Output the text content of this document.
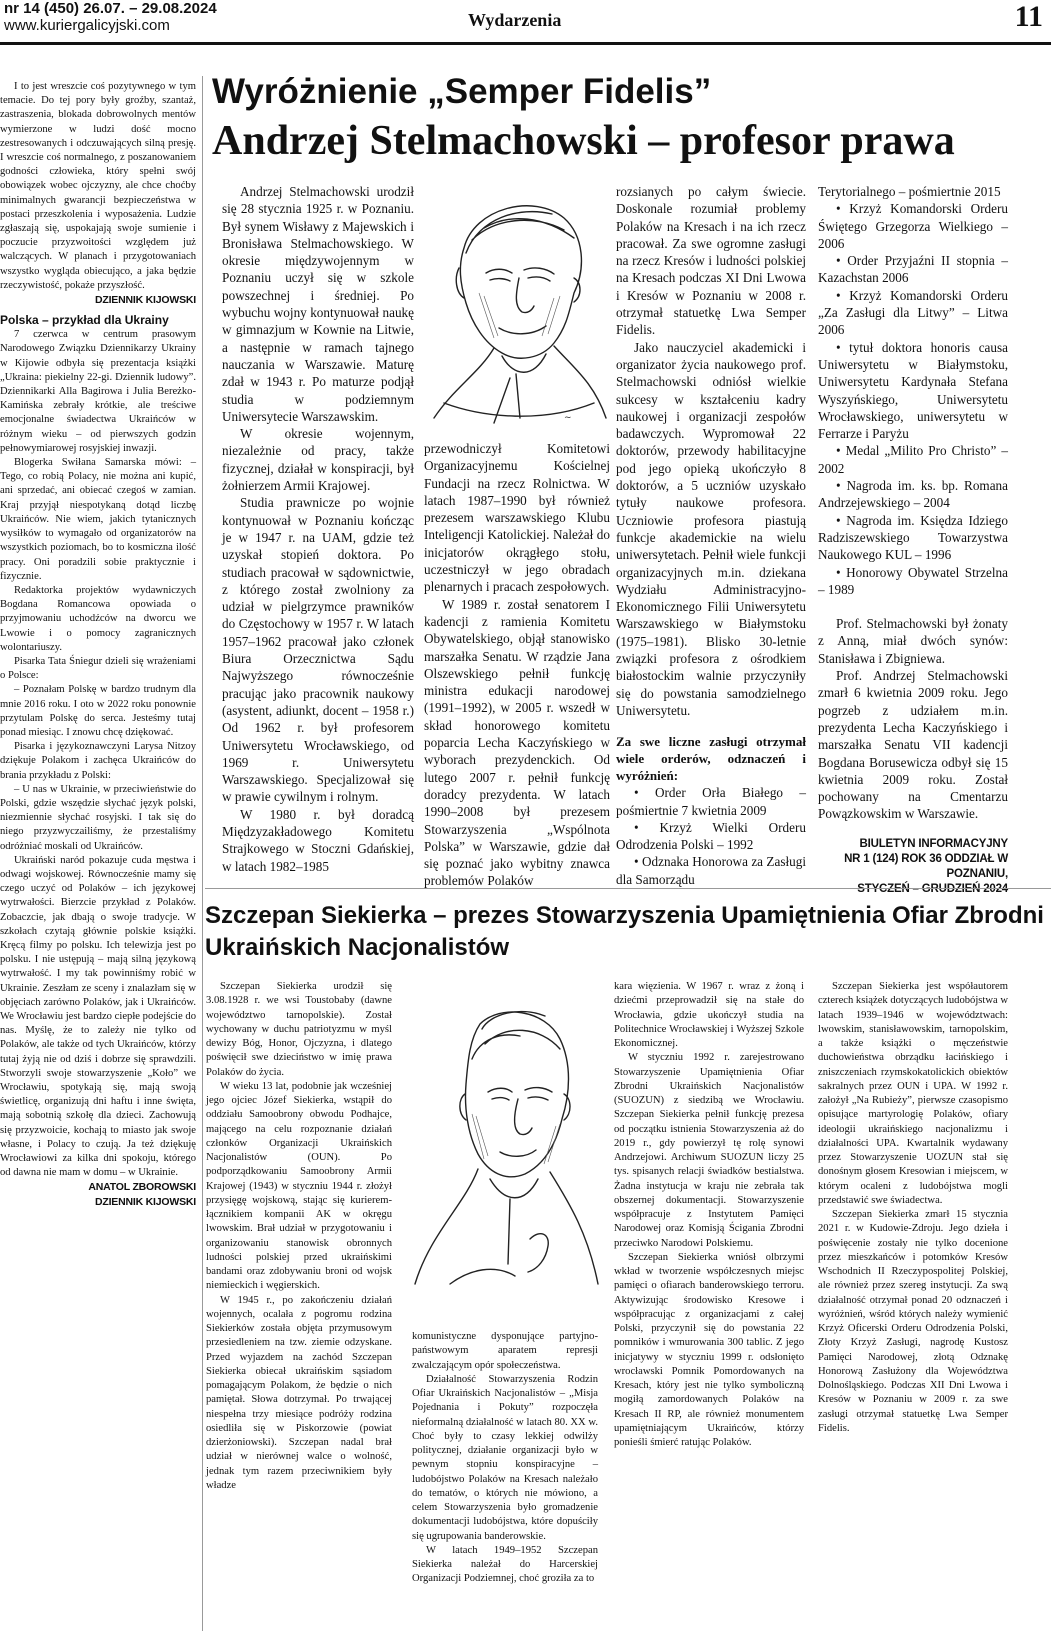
nr 14 (450) 26.07. – 29.08.2024
www.kuriergalicyjski.com	Wydarzenia	11

I to jest wreszcie coś pozytywnego w tym temacie. Do tej pory były groźby, szantaż, zastraszenia, blokada dobrowolnych mentów wymierzone w ludzi dość mocno zestresowanych i odczuwających silną presję. I wreszcie coś normalnego, z poszanowaniem godności człowieka, który spełni swój obowiązek wobec ojczyzny, ale chce choćby minimalnych gwarancji bezpieczeństwa w postaci przeszkolenia i wyposażenia. Ludzie zgłaszają się, uspokajają swoje sumienie i poczucie przyzwoitości względem już walczących. W planach i przygotowaniach wszystko wygląda obiecująco, a jaka będzie rzeczywistość, pokaże przyszłość.

DZIENNIK KIJOWSKI

Polska – przykład dla Ukrainy

7 czerwca w centrum prasowym Narodowego Związku Dziennikarzy Ukrainy w Kijowie odbyła się prezentacja książki „Ukraina: piekielny 22-gi. Dziennik ludowy”. Dziennikarki Alla Bagirowa i Julia Bereżko-Kamińska zebrały krótkie, ale treściwe emocjonalne świadectwa Ukraińców w różnym wieku – od pierwszych godzin pełnowymiarowej rosyjskiej inwazji.

Blogerka Swiłana Samarska mówi: – Tego, co robią Polacy, nie można ani kupić, ani sprzedać, ani obiecać czegoś w zamian. Kraj przyjął niespotykaną dotąd liczbę Ukraińców. Nie wiem, jakich tytanicznych wysiłków to wymagało od organizatorów na wszystkich poziomach, bo to kosmiczna ilość pracy. Oni poradzili sobie praktycznie i fizycznie.

Redaktorka projektów wydawniczych Bogdana Romancowa opowiada o przyjmowaniu uchodźców na dworcu we Lwowie i o pomocy zagranicznych wolontariuszy.

Pisarka Tata Śniegur dzieli się wrażeniami o Polsce:

– Poznałam Polskę w bardzo trudnym dla mnie 2016 roku. I oto w 2022 roku ponownie przytulam Polskę do serca. Jesteśmy tutaj ponad miesiąc. I znowu chcę dziękować.

Pisarka i językoznawczyni Larysa Nitzoy dziękuje Polakom i zachęca Ukraińców do brania przykładu z Polski:

– U nas w Ukrainie, w przeciwieństwie do Polski, gdzie wszędzie słychać język polski, niezmiennie słychać rosyjski. I tak się do niego przyzwyczailiśmy, że przestaliśmy odróżniać moskali od Ukraińców.

Ukraiński naród pokazuje cuda męstwa i odwagi wojskowej. Równocześnie mamy się czego uczyć od Polaków – ich językowej wytrwałości. Bierzcie przykład z Polaków. Zobaczcie, jak dbają o swoje tradycje. W szkołach czytają głównie polskie książki. Kręcą filmy po polsku. Ich telewizja jest po polsku. I nie ustępują – mają silną językową wytrwałość. I my tak powinniśmy robić w Ukrainie. Zeszłam ze sceny i znalazłam się w objęciach zarówno Polaków, jak i Ukraińców. We Wrocławiu jest bardzo ciepłe podejście do nas. Myślę, że to zależy nie tylko od Polaków, ale także od tych Ukraińców, którzy tutaj żyją nie od dziś i dobrze się sprawdzili. Stworzyli swoje stowarzyszenie „Koło” we Wrocławiu, spotykają się, mają swoją świetlicę, organizują dni haftu i inne święta, mają sobotnią szkołę dla dzieci. Zachowują się przyzwoicie, kochają to miasto jak swoje własne, i Polacy to czują. Ja też dziękuję Wrocławiowi za kilka dni spokoju, którego od dawna nie mam w domu – w Ukrainie.

ANATOL ZBOROWSKI
DZIENNIK KIJOWSKI
Wyróżnienie „Semper Fidelis”
Andrzej Stelmachowski – profesor prawa

Andrzej Stelmachowski urodził się 28 stycznia 1925 r. w Poznaniu. Był synem Wisławy z Majewskich i Bronisława Stelmachowskiego. W okresie międzywojennym w Poznaniu uczył się w szkole powszechnej i średniej. Po wybuchu wojny kontynuował naukę w gimnazjum w Kownie na Litwie, a następnie w ramach tajnego nauczania w Warszawie. Maturę zdał w 1943 r. Po maturze podjął studia w podziemnym Uniwersytecie Warszawskim.

W okresie wojennym, niezależnie od pracy, także fizycznej, działał w konspiracji, był żołnierzem Armii Krajowej.

Studia prawnicze po wojnie kontynuował w Poznaniu kończąc je w 1947 r. na UAM, gdzie też uzyskał stopień doktora. Po studiach pracował w sądownictwie, z którego został zwolniony za udział w pielgrzymce prawników do Częstochowy w 1957 r. W latach 1957–1962 pracował jako członek Biura Orzecznictwa Sądu Najwyższego równocześnie pracując jako pracownik naukowy (asystent, adiunkt, docent – 1958 r.) Od 1962 r. był profesorem Uniwersytetu Wrocławskiego, od 1969 r. Uniwersytetu Warszawskiego. Specjalizował się w prawie cywilnym i rolnym.

W 1980 r. był doradcą Międzyzakładowego Komitetu Strajkowego w Stoczni Gdańskiej, w latach 1982–1985

~

przewodniczył Komitetowi Organizacyjnemu Kościelnej Fundacji na rzecz Rolnictwa. W latach 1987–1990 był również prezesem warszawskiego Klubu Inteligencji Katolickiej. Należał do inicjatorów okrągłego stołu, uczestniczył w jego obradach plenarnych i pracach zespołowych.

W 1989 r. został senatorem I kadencji z ramienia Komitetu Obywatelskiego, objął stanowisko marszałka Senatu. W rządzie Jana Olszewskiego pełnił funkcję ministra edukacji narodowej (1991–1992), w 2005 r. wszedł w skład honorowego komitetu poparcia Lecha Kaczyńskiego w wyborach prezydenckich. Od lutego 2007 r. pełnił funkcję doradcy prezydenta. W latach 1990–2008 był prezesem Stowarzyszenia „Wspólnota Polska” w Warszawie, gdzie dał się poznać jako wybitny znawca problemów Polaków

rozsianych po całym świecie. Doskonale rozumiał problemy Polaków na Kresach i na ich rzecz pracował. Za swe ogromne zasługi na rzecz Kresów i ludności polskiej na Kresach podczas XI Dni Lwowa i Kresów w Poznaniu w 2008 r. otrzymał statuetkę Lwa Semper Fidelis.

Jako nauczyciel akademicki i organizator życia naukowego prof. Stelmachowski odniósł wielkie sukcesy w kształceniu kadry naukowej i organizacji zespołów badawczych. Wypromował 22 doktorów, przewody habilitacyjne pod jego opieką ukończyło 8 doktorów, a 5 uczniów uzyskało tytuły naukowe profesora. Uczniowie profesora piastują funkcje akademickie na wielu uniwersytetach. Pełnił wiele funkcji organizacyjnych m.in. dziekana Wydziału Administracyjno-Ekonomicznego Filii Uniwersytetu Warszawskiego w Białymstoku (1975–1981). Blisko 30-letnie związki profesora z ośrodkiem białostockim walnie przyczyniły się do powstania samodzielnego Uniwersytetu.

Za swe liczne zasługi otrzymał wiele orderów, odznaczeń i wyróżnień:

• Order Orła Białego – pośmiertnie 7 kwietnia 2009

• Krzyż Wielki Orderu Odrodzenia Polski – 1992

• Odznaka Honorowa za Zasługi dla Samorządu

Terytorialnego – pośmiertnie 2015

• Krzyż Komandorski Orderu Świętego Grzegorza Wielkiego – 2006

• Order Przyjaźni II stopnia – Kazachstan 2006

• Krzyż Komandorski Orderu „Za Zasługi dla Litwy” – Litwa 2006

• tytuł doktora honoris causa Uniwersytetu w Białymstoku, Uniwersytetu Kardynała Stefana Wyszyńskiego, Uniwersytetu Wrocławskiego, uniwersytetu w Ferrarze i Paryżu

• Medal „Milito Pro Christo” – 2002

• Nagroda im. ks. bp. Romana Andrzejewskiego – 2004

• Nagroda im. Księdza Idziego Radziszewskiego Towarzystwa Naukowego KUL – 1996

• Honorowy Obywatel Strzelna – 1989

Prof. Stelmachowski był żonaty z Anną, miał dwóch synów: Stanisława i Zbigniewa.

Prof. Andrzej Stelmachowski zmarł 6 kwietnia 2009 roku. Jego pogrzeb z udziałem m.in. prezydenta Lecha Kaczyńskiego i marszałka Senatu VII kadencji Bogdana Borusewicza odbył się 15 kwietnia 2009 roku. Został pochowany na Cmentarzu Powązkowskim w Warszawie.

BIULETYN INFORMACYJNY
NR 1 (124) ROK 36 ODDZIAŁ W POZNANIU,
Szczepan Siekierka – prezes Stowarzyszenia Upamiętnienia Ofiar Zbrodni Ukraińskich Nacjonalistów

Szczepan Siekierka urodził się 3.08.1928 r. we wsi Toustobaby (dawne województwo tarnopolskie). Został wychowany w duchu patriotyzmu w myśl dewizy Bóg, Honor, Ojczyzna, i dlatego poświęcił swe dzieciństwo w imię prawa Polaków do życia.

W wieku 13 lat, podobnie jak wcześniej jego ojciec Józef Siekierka, wstąpił do oddziału Samoobrony obwodu Podhajce, mającego na celu rozpoznanie działań członków Organizacji Ukraińskich Nacjonalistów (OUN). Po podporządkowaniu Samoobrony Armii Krajowej (1943) w styczniu 1944 r. złożył przysięgę wojskową, stając się kurierem-łącznikiem kompanii AK w okręgu lwowskim. Brał udział w przygotowaniu i organizowaniu stanowisk obronnych ludności polskiej przed ukraińskimi bandami oraz zdobywaniu broni od wojsk niemieckich i węgierskich.

W 1945 r., po zakończeniu działań wojennych, ocalała z pogromu rodzina Siekierków została objęta przymusowym przesiedleniem na tzw. ziemie odzyskane. Przed wyjazdem na zachód Szczepan Siekierka obiecał ukraińskim sąsiadom pomagającym Polakom, że będzie o nich pamiętał. Słowa dotrzymał. Po trwającej niespełna trzy miesiące podróży rodzina osiedliła się w Piskorzowie (powiat dzierżoniowski). Szczepan nadal brał udział w nierównej walce o wolność, jednak tym razem przeciwnikiem były władze

komunistyczne dysponujące partyjno-państwowym aparatem represji zwalczającym opór społeczeństwa.

Działalność Stowarzyszenia Rodzin Ofiar Ukraińskich Nacjonalistów – „Misja Pojednania i Pokuty” rozpoczęła nieformalną działalność w latach 80. XX w. Choć były to czasy lekkiej odwilży politycznej, działanie organizacji było w pewnym stopniu konspiracyjne – ludobójstwo Polaków na Kresach należało do tematów, o których nie mówiono, a celem Stowarzyszenia było gromadzenie dokumentacji ludobójstwa, które dopuściły się ugrupowania banderowskie.

W latach 1949–1952 Szczepan Siekierka należał do Harcerskiej Organizacji Podziemnej, choć groziła za to

kara więzienia. W 1967 r. wraz z żoną i dziećmi przeprowadził się na stałe do Wrocławia, gdzie ukończył studia na Politechnice Wrocławskiej i Wyższej Szkole Ekonomicznej.

W styczniu 1992 r. zarejestrowano Stowarzyszenie Upamiętnienia Ofiar Zbrodni Ukraińskich Nacjonalistów (SUOZUN) z siedzibą we Wrocławiu. Szczepan Siekierka pełnił funkcję prezesa od początku istnienia Stowarzyszenia aż do 2019 r., gdy powierzył tę rolę synowi Andrzejowi. Archiwum SUOZUN liczy 25 tys. spisanych relacji świadków bestialstwa. Żadna instytucja w kraju nie zebrała tak obszernej dokumentacji. Stowarzyszenie współpracuje z Instytutem Pamięci Narodowej oraz Komisją Ścigania Zbrodni przeciwko Narodowi Polskiemu.

Szczepan Siekierka wniósł olbrzymi wkład w tworzenie współczesnych miejsc pamięci o ofiarach banderowskiego terroru. Aktywizując środowisko Kresowe i współpracując z organizacjami z całej Polski, przyczynił się do powstania 22 pomników i wmurowania 300 tablic. Z jego inicjatywy w styczniu 1999 r. odsłonięto wrocławski Pomnik Pomordowanych na Kresach, który jest nie tylko symboliczną mogiłą zamordowanych Polaków na Kresach II RP, ale również monumentem upamiętniającym Ukraińców, którzy ponieśli śmierć ratując Polaków.

Szczepan Siekierka jest współautorem czterech książek dotyczących ludobójstwa w latach 1939–1946 w województwach: lwowskim, stanisławowskim, tarnopolskim, a także książki o męczeństwie duchowieństwa obrządku łacińskiego i zniszczeniach rzymskokatolickich obiektów sakralnych przez OUN i UPA. W 1992 r. założył „Na Rubieży”, pierwsze czasopismo opisujące martyrologię Polaków, ofiary ideologii ukraińskiego nacjonalizmu i działalności UPA. Kwartalnik wydawany przez Stowarzyszenie UOZUN stał się donośnym głosem Kresowian i miejscem, w którym ocaleni z ludobójstwa mogli przedstawić swe świadectwa.

Szczepan Siekierka zmarł 15 stycznia 2021 r. w Kudowie-Zdroju. Jego dzieła i poświęcenie zostały nie tylko docenione przez mieszkańców i potomków Kresów Wschodnich II Rzeczypospolitej Polskiej, ale również przez szereg instytucji. Za swą działalność otrzymał ponad 20 odznaczeń i wyróżnień, wśród których należy wymienić Krzyż Oficerski Orderu Odrodzenia Polski, Złoty Krzyż Zasługi, nagrodę Kustosz Pamięci Narodowej, złotą Odznakę Honorową Zasłużony dla Województwa Dolnośląskiego. Podczas XII Dni Lwowa i Kresów w Poznaniu w 2009 r. za swe zasługi otrzymał statuetkę Lwa Semper Fidelis.
